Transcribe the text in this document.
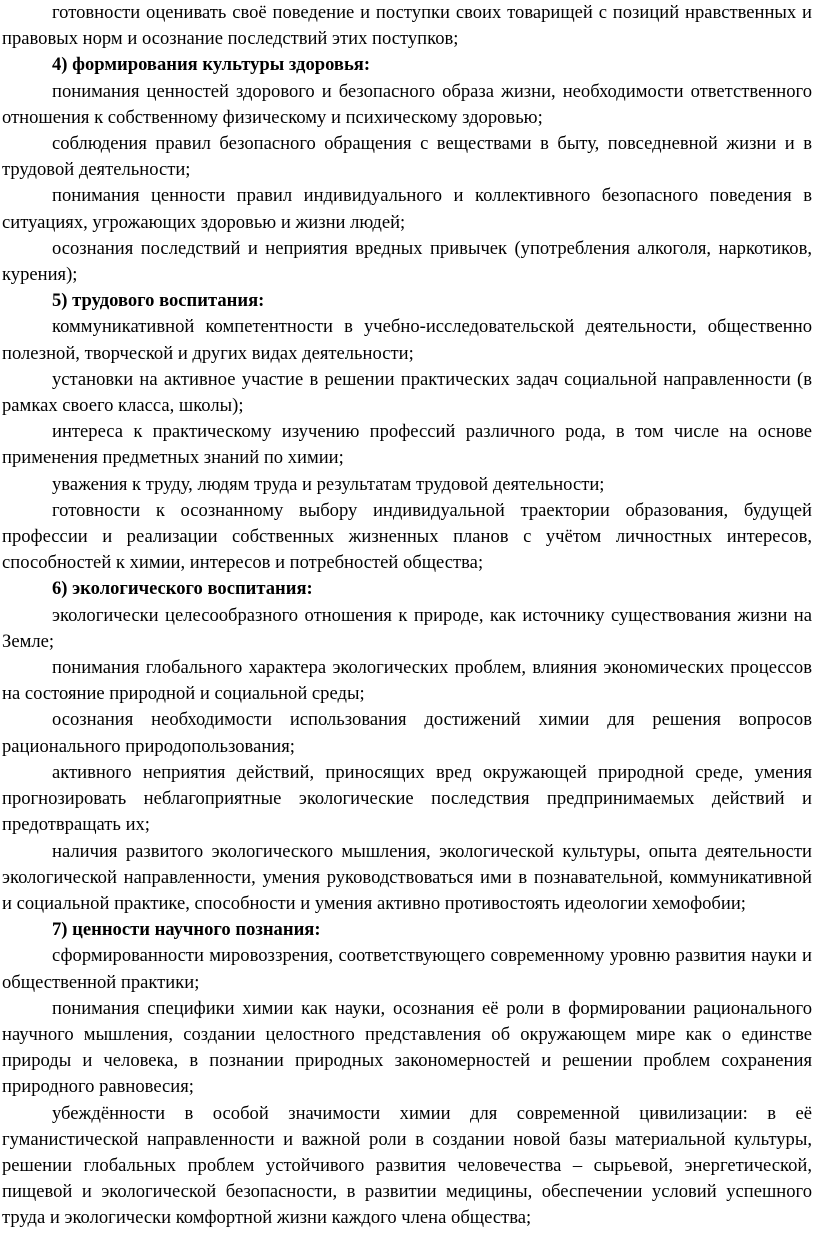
готовности оценивать своё поведение и поступки своих товарищей с позиций нравственных и правовых норм и осознание последствий этих поступков;

4) формирования культуры здоровья:

понимания ценностей здорового и безопасного образа жизни, необходимости ответственного отношения к собственному физическому и психическому здоровью;

соблюдения правил безопасного обращения с веществами в быту, повседневной жизни и в трудовой деятельности;

понимания ценности правил индивидуального и коллективного безопасного поведения в ситуациях, угрожающих здоровью и жизни людей;

осознания последствий и неприятия вредных привычек (употребления алкоголя, наркотиков, курения);

5) трудового воспитания:

коммуникативной компетентности в учебно-исследовательской деятельности, общественно полезной, творческой и других видах деятельности;

установки на активное участие в решении практических задач социальной направленности (в рамках своего класса, школы);

интереса к практическому изучению профессий различного рода, в том числе на основе применения предметных знаний по химии;

уважения к труду, людям труда и результатам трудовой деятельности;

готовности к осознанному выбору индивидуальной траектории образования, будущей профессии и реализации собственных жизненных планов с учётом личностных интересов, способностей к химии, интересов и потребностей общества;

6) экологического воспитания:

экологически целесообразного отношения к природе, как источнику существования жизни на Земле;

понимания глобального характера экологических проблем, влияния экономических процессов на состояние природной и социальной среды;

осознания необходимости использования достижений химии для решения вопросов рационального природопользования;

активного неприятия действий, приносящих вред окружающей природной среде, умения прогнозировать неблагоприятные экологические последствия предпринимаемых действий и предотвращать их;

наличия развитого экологического мышления, экологической культуры, опыта деятельности экологической направленности, умения руководствоваться ими в познавательной, коммуникативной и социальной практике, способности и умения активно противостоять идеологии хемофобии;

7) ценности научного познания:

сформированности мировоззрения, соответствующего современному уровню развития науки и общественной практики;

понимания специфики химии как науки, осознания её роли в формировании рационального научного мышления, создании целостного представления об окружающем мире как о единстве природы и человека, в познании природных закономерностей и решении проблем сохранения природного равновесия;

убеждённости в особой значимости химии для современной цивилизации: в её гуманистической направленности и важной роли в создании новой базы материальной культуры, решении глобальных проблем устойчивого развития человечества – сырьевой, энергетической, пищевой и экологической безопасности, в развитии медицины, обеспечении условий успешного труда и экологически комфортной жизни каждого члена общества;
